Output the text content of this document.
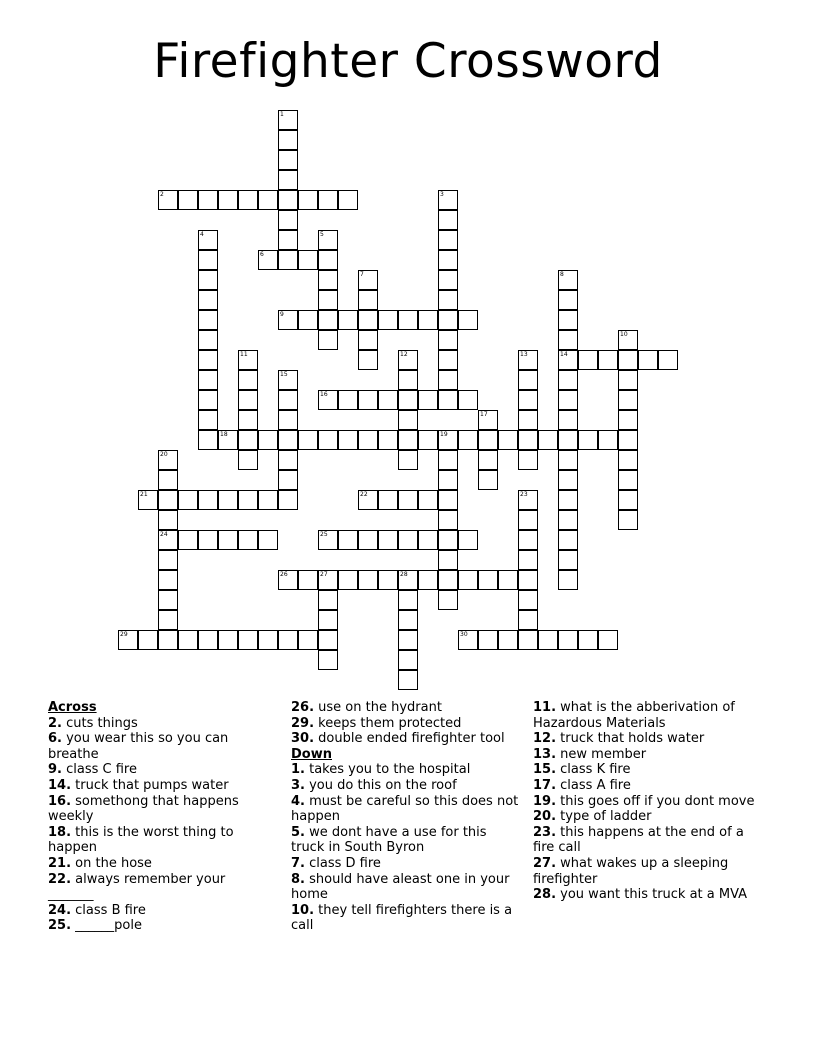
Firefighter Crossword
1
2	3
4	5
6
7	8
14
9
10
11	12	13
15
16
17
18	19
20
24
21	22	23
25
26	27	28
29	30
Across
2. cuts things
6. you wear this so you can breathe
9. class C fire
14. truck that pumps water
16. somethong that happens weekly
18. this is the worst thing to happen
21. on the hose
22. always remember your _______
24. class B fire
25. ______pole
26. use on the hydrant
29. keeps them protected
30. double ended firefighter tool
Down
1. takes you to the hospital
3. you do this on the roof
4. must be careful so this does not happen
5. we dont have a use for this truck in South Byron
7. class D fire
8. should have aleast one in your home
10. they tell firefighters there is a call
11. what is the abberivation of Hazardous Materials
12. truck that holds water
13. new member
15. class K fire
17. class A fire
19. this goes off if you dont move
20. type of ladder
23. this happens at the end of a fire call
27. what wakes up a sleeping firefighter
28. you want this truck at a MVA
